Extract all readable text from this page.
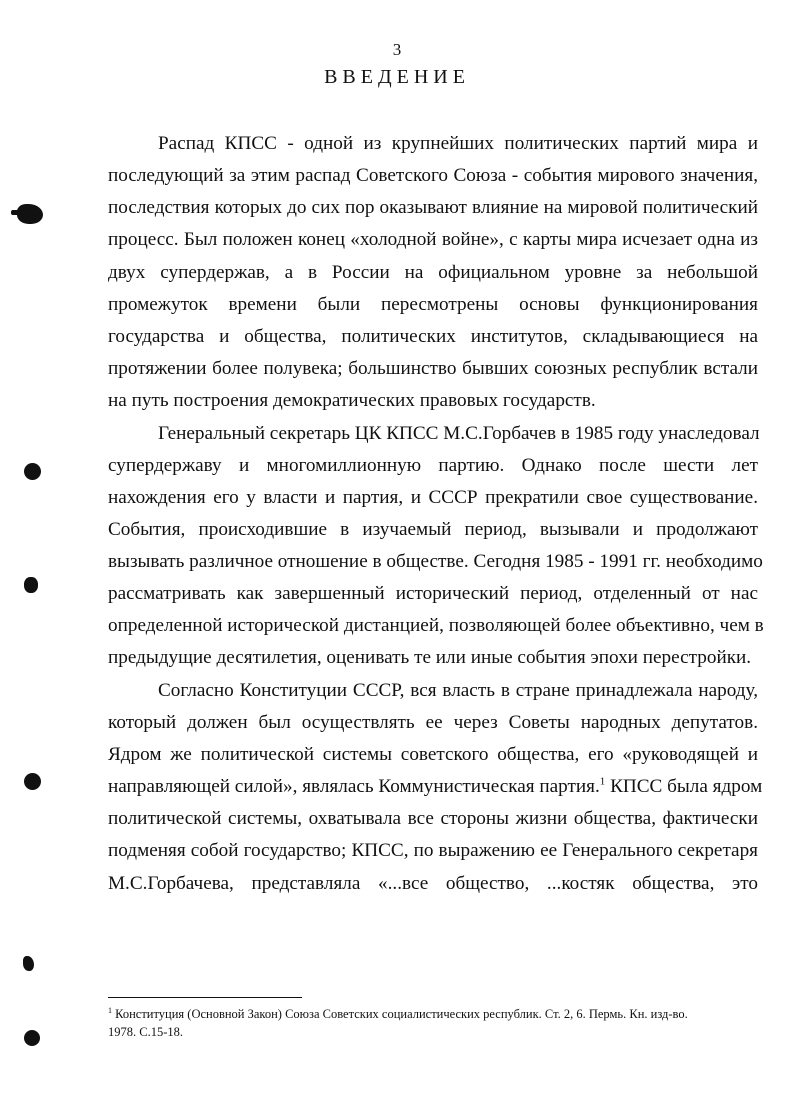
3
ВВЕДЕНИЕ
Распад КПСС - одной из крупнейших политических партий мира и
последующий за этим распад Советского Союза - события мирового значения,
последствия которых до сих пор оказывают влияние на мировой политический
процесс. Был положен конец «холодной войне», с карты мира исчезает одна из
двух супердержав, а в России на официальном уровне за небольшой
промежуток времени были пересмотрены основы функционирования
государства и общества, политических институтов, складывающиеся на
протяжении более полувека; большинство бывших союзных республик встали
на путь построения демократических правовых государств.
Генеральный секретарь ЦК КПСС М.С.Горбачев в 1985 году унаследовал
супердержаву и многомиллионную партию. Однако после шести лет
нахождения его у власти и партия, и СССР прекратили свое существование.
События, происходившие в изучаемый период, вызывали и продолжают
вызывать различное отношение в обществе. Сегодня 1985 - 1991 гг. необходимо
рассматривать как завершенный исторический период, отделенный от нас
определенной исторической дистанцией, позволяющей более объективно, чем в
предыдущие десятилетия, оценивать те или иные события эпохи перестройки.
Согласно Конституции СССР, вся власть в стране принадлежала народу,
который должен был осуществлять ее через Советы народных депутатов.
Ядром же политической системы советского общества, его «руководящей и
направляющей силой», являлась Коммунистическая партия.$^1$ КПСС была ядром
политической системы, охватывала все стороны жизни общества, фактически
подменяя собой государство; КПСС, по выражению ее Генерального секретаря
М.С.Горбачева, представляла «...все общество, ...костяк общества, это
$^1$ Конституция (Основной Закон) Союза Советских социалистических республик. Ст. 2, 6. Пермь. Кн. изд-во.
1978. С.15-18.
